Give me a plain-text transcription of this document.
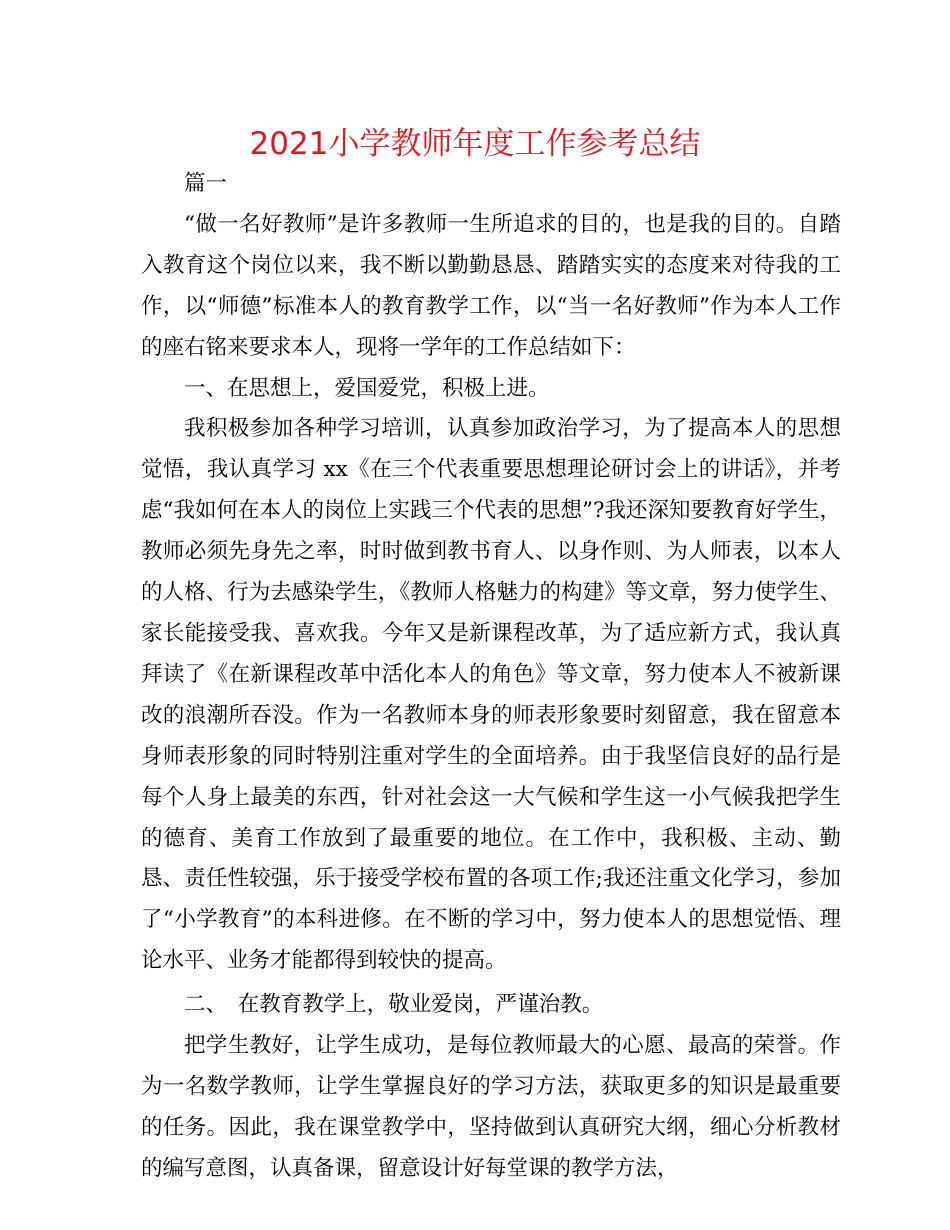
2021小学教师年度工作参考总结

篇一

“做一名好教师”是许多教师一生所追求的目的，也是我的目的。自踏入教育这个岗位以来，我不断以勤勤恳恳、踏踏实实的态度来对待我的工作，以“师德”标准本人的教育教学工作，以“当一名好教师”作为本人工作的座右铭来要求本人，现将一学年的工作总结如下：

一、在思想上，爱国爱党，积极上进。

我积极参加各种学习培训，认真参加政治学习，为了提高本人的思想觉悟，我认真学习 xx《在三个代表重要思想理论研讨会上的讲话》，并考虑“我如何在本人的岗位上实践三个代表的思想”?我还深知要教育好学生，教师必须先身先之率，时时做到教书育人、以身作则、为人师表，以本人的人格、行为去感染学生，《教师人格魅力的构建》等文章，努力使学生、家长能接受我、喜欢我。今年又是新课程改革，为了适应新方式，我认真拜读了《在新课程改革中活化本人的角色》等文章，努力使本人不被新课改的浪潮所吞没。作为一名教师本身的师表形象要时刻留意，我在留意本身师表形象的同时特别注重对学生的全面培养。由于我坚信良好的品行是每个人身上最美的东西，针对社会这一大气候和学生这一小气候我把学生的德育、美育工作放到了最重要的地位。在工作中，我积极、主动、勤恳、责任性较强，乐于接受学校布置的各项工作;我还注重文化学习，参加了“小学教育”的本科进修。在不断的学习中，努力使本人的思想觉悟、理论水平、业务才能都得到较快的提高。

二、　在教育教学上，敬业爱岗，严谨治教。

把学生教好，让学生成功，是每位教师最大的心愿、最高的荣誉。作为一名数学教师，让学生掌握良好的学习方法，获取更多的知识是最重要的任务。因此，我在课堂教学中，坚持做到认真研究大纲，细心分析教材的编写意图，认真备课，留意设计好每堂课的教学方法，
